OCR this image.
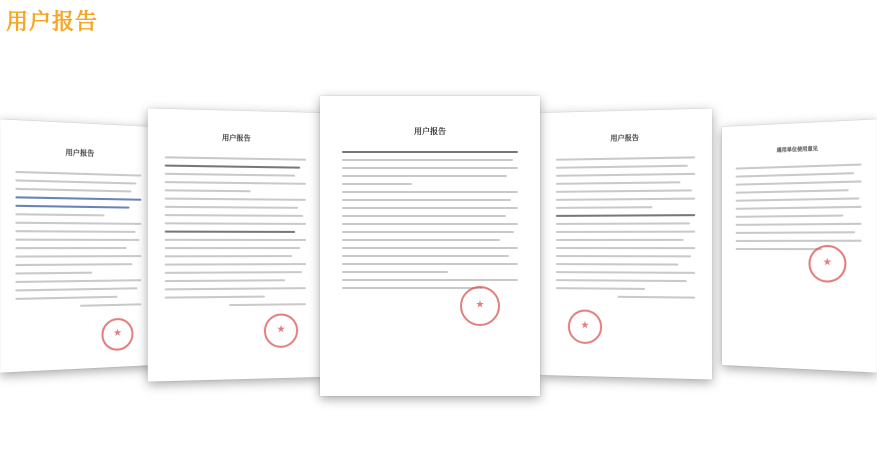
用户报告
用户报告
★
用户报告
★
用户报告
★
用户报告
★
通用单位使用意见
★
